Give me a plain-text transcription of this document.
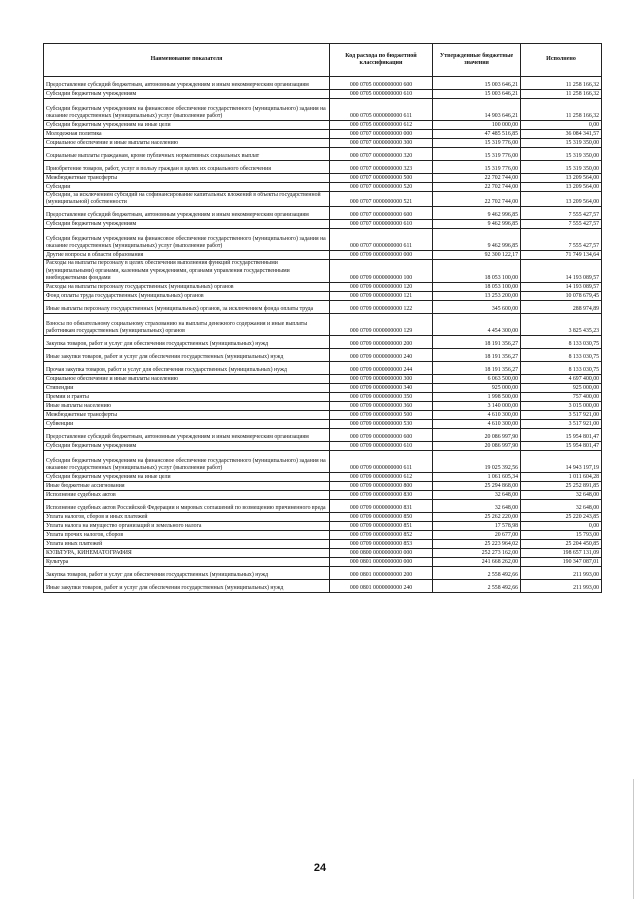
Наименование показателя	Код расхода по бюджетной классификации	Утвержденные бюджетные значения	Исполнено
Предоставление субсидий бюджетным, автономным учреждениям и иным некоммерческим организациям	000 0705 0000000000 600	15 003 646,21	11 258 166,32
Субсидии бюджетным учреждениям	000 0705 0000000000 610	15 003 646,21	11 258 166,32
Субсидии бюджетным учреждениям на финансовое обеспечение государственного (муниципального) задания на оказание государственных (муниципальных) услуг (выполнение работ)	000 0705 0000000000 611	14 903 646,21	11 258 166,32
Субсидии бюджетным учреждениям на иные цели	000 0705 0000000000 612	100 000,00	0,00
Молодежная политика	000 0707 0000000000 000	47 485 516,85	36 084 341,57
Социальное обеспечение и иные выплаты населению	000 0707 0000000000 300	15 319 776,00	15 319 350,00
Социальные выплаты гражданам, кроме публичных нормативных социальных выплат	000 0707 0000000000 320	15 319 776,00	15 319 350,00
Приобретение товаров, работ, услуг в пользу граждан в целях их социального обеспечения	000 0707 0000000000 323	15 319 776,00	15 319 350,00
Межбюджетные трансферты	000 0707 0000000000 500	22 702 744,00	13 209 564,00
Субсидии	000 0707 0000000000 520	22 702 744,00	13 209 564,00
Субсидии, за исключением субсидий на софинансирование капитальных вложений в объекты государственной (муниципальной) собственности	000 0707 0000000000 521	22 702 744,00	13 209 564,00
Предоставление субсидий бюджетным, автономным учреждениям и иным некоммерческим организациям	000 0707 0000000000 600	9 462 996,85	7 555 427,57
Субсидии бюджетным учреждениям	000 0707 0000000000 610	9 462 996,85	7 555 427,57
Субсидии бюджетным учреждениям на финансовое обеспечение государственного (муниципального) задания на оказание государственных (муниципальных) услуг (выполнение работ)	000 0707 0000000000 611	9 462 996,85	7 555 427,57
Другие вопросы в области образования	000 0709 0000000000 000	92 300 122,17	71 749 134,64
Расходы на выплаты персоналу в целях обеспечения выполнения функций государственными (муниципальными) органами, казенными учреждениями, органами управления государственными внебюджетными фондами	000 0709 0000000000 100	18 053 100,00	14 193 089,57
Расходы на выплаты персоналу государственных (муниципальных) органов	000 0709 0000000000 120	18 053 100,00	14 193 089,57
Фонд оплаты труда государственных (муниципальных) органов	000 0709 0000000000 121	13 253 200,00	10 078 679,45
Иные выплаты персоналу государственных (муниципальных) органов, за исключением фонда оплаты труда	000 0709 0000000000 122	345 600,00	288 974,89
Взносы по обязательному социальному страхованию на выплаты денежного содержания и иные выплаты работникам государственных (муниципальных) органов	000 0709 0000000000 129	4 454 300,00	3 825 435,23
Закупка товаров, работ и услуг для обеспечения государственных (муниципальных) нужд	000 0709 0000000000 200	18 191 356,27	8 133 030,75
Иные закупки товаров, работ и услуг для обеспечения государственных (муниципальных) нужд	000 0709 0000000000 240	18 191 356,27	8 133 030,75
Прочая закупка товаров, работ и услуг для обеспечения государственных (муниципальных) нужд	000 0709 0000000000 244	18 191 356,27	8 133 030,75
Социальное обеспечение и иные выплаты населению	000 0709 0000000000 300	6 063 500,00	4 697 400,00
Стипендии	000 0709 0000000000 340	925 000,00	925 000,00
Премии и гранты	000 0709 0000000000 350	1 998 500,00	757 400,00
Иные выплаты населению	000 0709 0000000000 360	3 140 000,00	3 015 000,00
Межбюджетные трансферты	000 0709 0000000000 500	4 610 300,00	3 517 921,00
Субвенции	000 0709 0000000000 530	4 610 300,00	3 517 921,00
Предоставление субсидий бюджетным, автономным учреждениям и иным некоммерческим организациям	000 0709 0000000000 600	20 086 997,90	15 954 801,47
Субсидии бюджетным учреждениям	000 0709 0000000000 610	20 086 997,90	15 954 801,47
Субсидии бюджетным учреждениям на финансовое обеспечение государственного (муниципального) задания на оказание государственных (муниципальных) услуг (выполнение работ)	000 0709 0000000000 611	19 025 392,56	14 943 197,19
Субсидии бюджетным учреждениям на иные цели	000 0709 0000000000 612	1 061 605,34	1 011 604,28
Иные бюджетные ассигнования	000 0709 0000000000 800	25 294 868,00	25 252 891,85
Исполнение судебных актов	000 0709 0000000000 830	32 648,00	32 648,00
Исполнение судебных актов Российской Федерации и мировых соглашений по возмещению причиненного вреда	000 0709 0000000000 831	32 648,00	32 648,00
Уплата налогов, сборов и иных платежей	000 0709 0000000000 850	25 262 220,00	25 220 243,85
Уплата налога на имущество организаций и земельного налога	000 0709 0000000000 851	17 578,98	0,00
Уплата прочих налогов, сборов	000 0709 0000000000 852	20 677,00	15 793,00
Уплата иных платежей	000 0709 0000000000 853	25 223 964,02	25 204 450,85
КУЛЬТУРА, КИНЕМАТОГРАФИЯ	000 0800 0000000000 000	252 273 162,00	198 657 131,09
Культура	000 0801 0000000000 000	241 668 262,00	190 347 087,01
Закупка товаров, работ и услуг для обеспечения государственных (муниципальных) нужд	000 0801 0000000000 200	2 558 492,66	211 993,00
Иные закупки товаров, работ и услуг для обеспечения государственных (муниципальных) нужд	000 0801 0000000000 240	2 558 492,66	211 993,00
24
